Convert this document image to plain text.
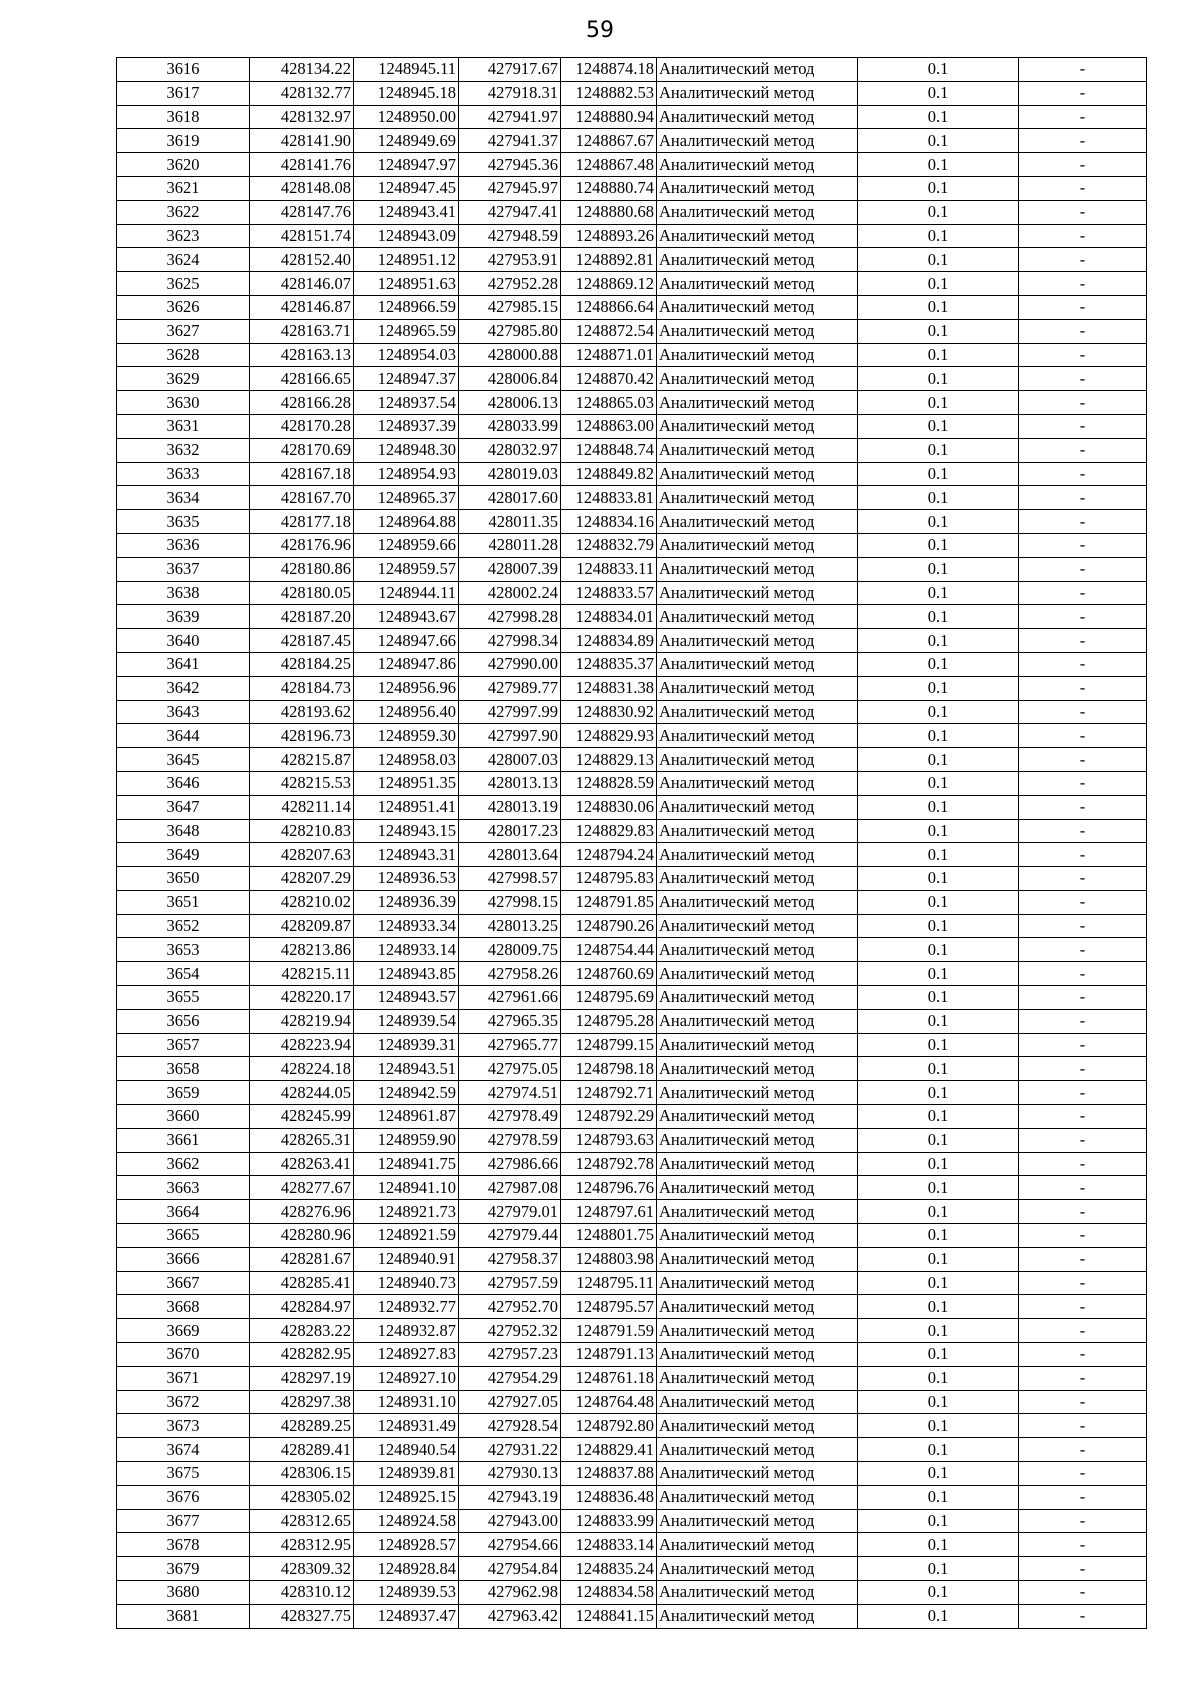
59
3616	428134.22	1248945.11	427917.67	1248874.18	Аналитический метод	0.1	-
3617	428132.77	1248945.18	427918.31	1248882.53	Аналитический метод	0.1	-
3618	428132.97	1248950.00	427941.97	1248880.94	Аналитический метод	0.1	-
3619	428141.90	1248949.69	427941.37	1248867.67	Аналитический метод	0.1	-
3620	428141.76	1248947.97	427945.36	1248867.48	Аналитический метод	0.1	-
3621	428148.08	1248947.45	427945.97	1248880.74	Аналитический метод	0.1	-
3622	428147.76	1248943.41	427947.41	1248880.68	Аналитический метод	0.1	-
3623	428151.74	1248943.09	427948.59	1248893.26	Аналитический метод	0.1	-
3624	428152.40	1248951.12	427953.91	1248892.81	Аналитический метод	0.1	-
3625	428146.07	1248951.63	427952.28	1248869.12	Аналитический метод	0.1	-
3626	428146.87	1248966.59	427985.15	1248866.64	Аналитический метод	0.1	-
3627	428163.71	1248965.59	427985.80	1248872.54	Аналитический метод	0.1	-
3628	428163.13	1248954.03	428000.88	1248871.01	Аналитический метод	0.1	-
3629	428166.65	1248947.37	428006.84	1248870.42	Аналитический метод	0.1	-
3630	428166.28	1248937.54	428006.13	1248865.03	Аналитический метод	0.1	-
3631	428170.28	1248937.39	428033.99	1248863.00	Аналитический метод	0.1	-
3632	428170.69	1248948.30	428032.97	1248848.74	Аналитический метод	0.1	-
3633	428167.18	1248954.93	428019.03	1248849.82	Аналитический метод	0.1	-
3634	428167.70	1248965.37	428017.60	1248833.81	Аналитический метод	0.1	-
3635	428177.18	1248964.88	428011.35	1248834.16	Аналитический метод	0.1	-
3636	428176.96	1248959.66	428011.28	1248832.79	Аналитический метод	0.1	-
3637	428180.86	1248959.57	428007.39	1248833.11	Аналитический метод	0.1	-
3638	428180.05	1248944.11	428002.24	1248833.57	Аналитический метод	0.1	-
3639	428187.20	1248943.67	427998.28	1248834.01	Аналитический метод	0.1	-
3640	428187.45	1248947.66	427998.34	1248834.89	Аналитический метод	0.1	-
3641	428184.25	1248947.86	427990.00	1248835.37	Аналитический метод	0.1	-
3642	428184.73	1248956.96	427989.77	1248831.38	Аналитический метод	0.1	-
3643	428193.62	1248956.40	427997.99	1248830.92	Аналитический метод	0.1	-
3644	428196.73	1248959.30	427997.90	1248829.93	Аналитический метод	0.1	-
3645	428215.87	1248958.03	428007.03	1248829.13	Аналитический метод	0.1	-
3646	428215.53	1248951.35	428013.13	1248828.59	Аналитический метод	0.1	-
3647	428211.14	1248951.41	428013.19	1248830.06	Аналитический метод	0.1	-
3648	428210.83	1248943.15	428017.23	1248829.83	Аналитический метод	0.1	-
3649	428207.63	1248943.31	428013.64	1248794.24	Аналитический метод	0.1	-
3650	428207.29	1248936.53	427998.57	1248795.83	Аналитический метод	0.1	-
3651	428210.02	1248936.39	427998.15	1248791.85	Аналитический метод	0.1	-
3652	428209.87	1248933.34	428013.25	1248790.26	Аналитический метод	0.1	-
3653	428213.86	1248933.14	428009.75	1248754.44	Аналитический метод	0.1	-
3654	428215.11	1248943.85	427958.26	1248760.69	Аналитический метод	0.1	-
3655	428220.17	1248943.57	427961.66	1248795.69	Аналитический метод	0.1	-
3656	428219.94	1248939.54	427965.35	1248795.28	Аналитический метод	0.1	-
3657	428223.94	1248939.31	427965.77	1248799.15	Аналитический метод	0.1	-
3658	428224.18	1248943.51	427975.05	1248798.18	Аналитический метод	0.1	-
3659	428244.05	1248942.59	427974.51	1248792.71	Аналитический метод	0.1	-
3660	428245.99	1248961.87	427978.49	1248792.29	Аналитический метод	0.1	-
3661	428265.31	1248959.90	427978.59	1248793.63	Аналитический метод	0.1	-
3662	428263.41	1248941.75	427986.66	1248792.78	Аналитический метод	0.1	-
3663	428277.67	1248941.10	427987.08	1248796.76	Аналитический метод	0.1	-
3664	428276.96	1248921.73	427979.01	1248797.61	Аналитический метод	0.1	-
3665	428280.96	1248921.59	427979.44	1248801.75	Аналитический метод	0.1	-
3666	428281.67	1248940.91	427958.37	1248803.98	Аналитический метод	0.1	-
3667	428285.41	1248940.73	427957.59	1248795.11	Аналитический метод	0.1	-
3668	428284.97	1248932.77	427952.70	1248795.57	Аналитический метод	0.1	-
3669	428283.22	1248932.87	427952.32	1248791.59	Аналитический метод	0.1	-
3670	428282.95	1248927.83	427957.23	1248791.13	Аналитический метод	0.1	-
3671	428297.19	1248927.10	427954.29	1248761.18	Аналитический метод	0.1	-
3672	428297.38	1248931.10	427927.05	1248764.48	Аналитический метод	0.1	-
3673	428289.25	1248931.49	427928.54	1248792.80	Аналитический метод	0.1	-
3674	428289.41	1248940.54	427931.22	1248829.41	Аналитический метод	0.1	-
3675	428306.15	1248939.81	427930.13	1248837.88	Аналитический метод	0.1	-
3676	428305.02	1248925.15	427943.19	1248836.48	Аналитический метод	0.1	-
3677	428312.65	1248924.58	427943.00	1248833.99	Аналитический метод	0.1	-
3678	428312.95	1248928.57	427954.66	1248833.14	Аналитический метод	0.1	-
3679	428309.32	1248928.84	427954.84	1248835.24	Аналитический метод	0.1	-
3680	428310.12	1248939.53	427962.98	1248834.58	Аналитический метод	0.1	-
3681	428327.75	1248937.47	427963.42	1248841.15	Аналитический метод	0.1	-
